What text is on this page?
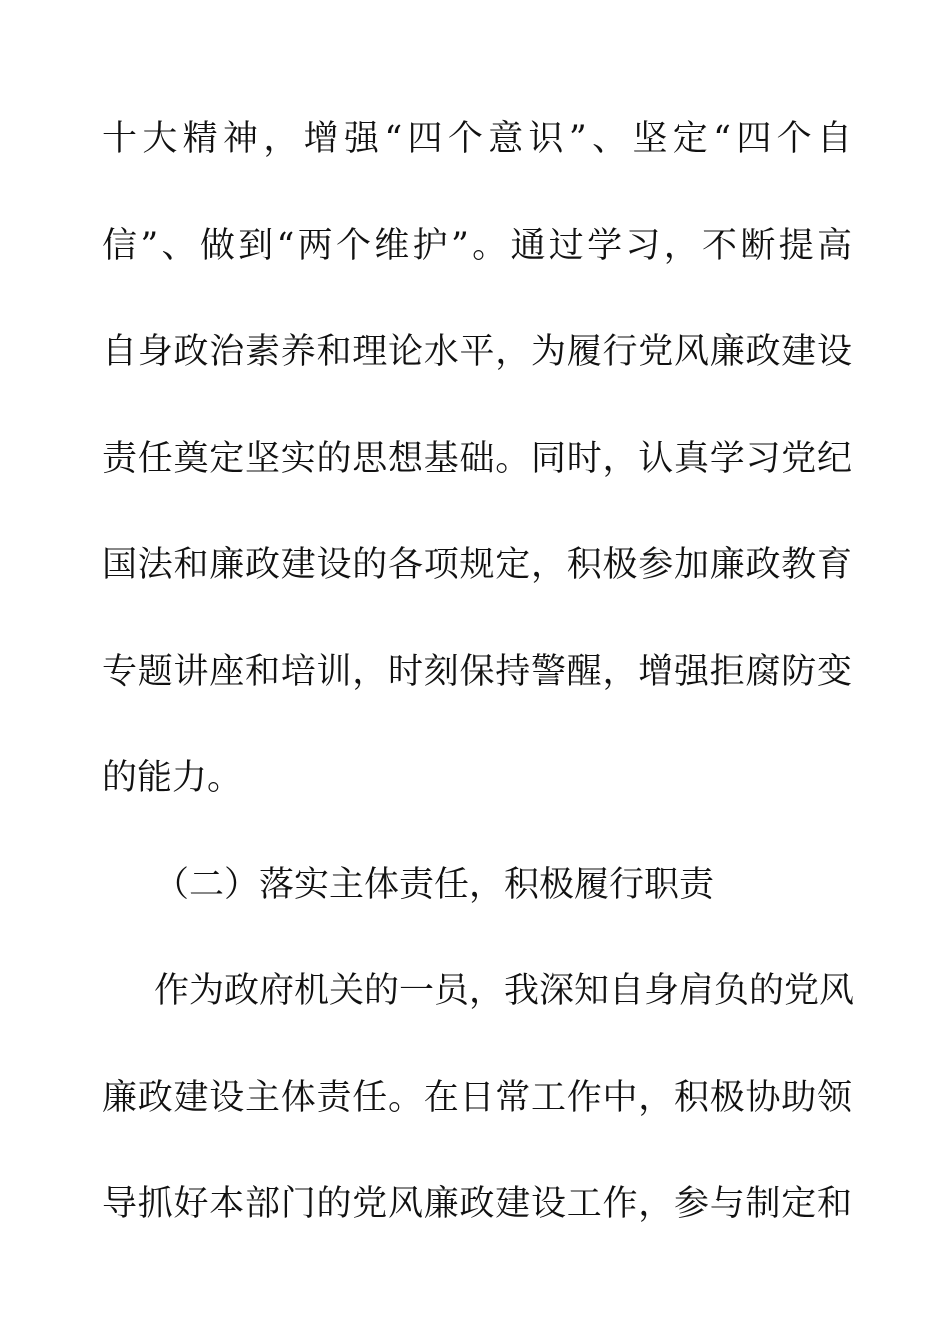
十大精神，增强“四个意识”、坚定“四个自
信”、做到“两个维护”。通过学习，不断提高
自身政治素养和理论水平，为履行党风廉政建设
责任奠定坚实的思想基础。同时，认真学习党纪
国法和廉政建设的各项规定，积极参加廉政教育
专题讲座和培训，时刻保持警醒，增强拒腐防变
的能力。
（二）落实主体责任，积极履行职责
作为政府机关的一员，我深知自身肩负的党风
廉政建设主体责任。在日常工作中，积极协助领
导抓好本部门的党风廉政建设工作，参与制定和
